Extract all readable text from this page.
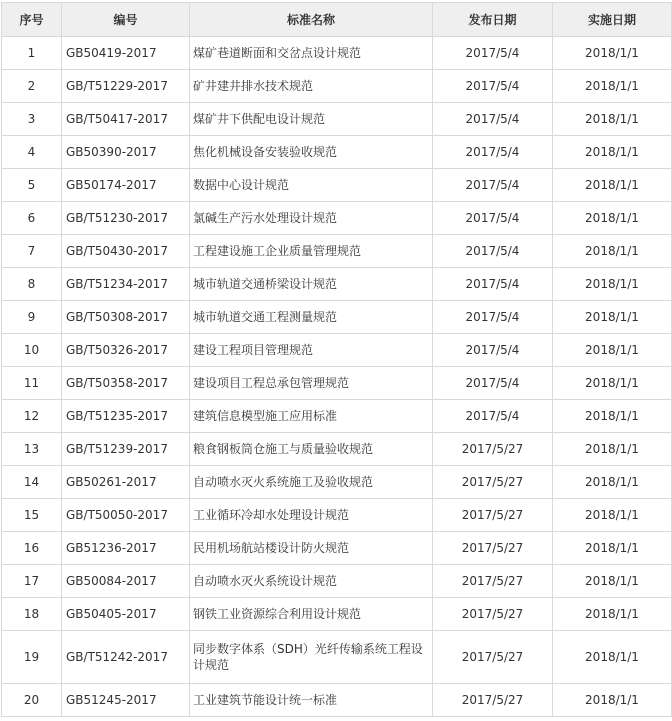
序号	编号	标准名称	发布日期	实施日期
1	GB50419-2017	煤矿巷道断面和交岔点设计规范	2017/5/4	2018/1/1
2	GB/T51229-2017	矿井建井排水技术规范	2017/5/4	2018/1/1
3	GB/T50417-2017	煤矿井下供配电设计规范	2017/5/4	2018/1/1
4	GB50390-2017	焦化机械设备安装验收规范	2017/5/4	2018/1/1
5	GB50174-2017	数据中心设计规范	2017/5/4	2018/1/1
6	GB/T51230-2017	氯碱生产污水处理设计规范	2017/5/4	2018/1/1
7	GB/T50430-2017	工程建设施工企业质量管理规范	2017/5/4	2018/1/1
8	GB/T51234-2017	城市轨道交通桥梁设计规范	2017/5/4	2018/1/1
9	GB/T50308-2017	城市轨道交通工程测量规范	2017/5/4	2018/1/1
10	GB/T50326-2017	建设工程项目管理规范	2017/5/4	2018/1/1
11	GB/T50358-2017	建设项目工程总承包管理规范	2017/5/4	2018/1/1
12	GB/T51235-2017	建筑信息模型施工应用标准	2017/5/4	2018/1/1
13	GB/T51239-2017	粮食钢板筒仓施工与质量验收规范	2017/5/27	2018/1/1
14	GB50261-2017	自动喷水灭火系统施工及验收规范	2017/5/27	2018/1/1
15	GB/T50050-2017	工业循环冷却水处理设计规范	2017/5/27	2018/1/1
16	GB51236-2017	民用机场航站楼设计防火规范	2017/5/27	2018/1/1
17	GB50084-2017	自动喷水灭火系统设计规范	2017/5/27	2018/1/1
18	GB50405-2017	钢铁工业资源综合利用设计规范	2017/5/27	2018/1/1
19	GB/T51242-2017	同步数字体系（SDH）光纤传输系统工程设计规范	2017/5/27	2018/1/1
20	GB51245-2017	工业建筑节能设计统一标准	2017/5/27	2018/1/1
